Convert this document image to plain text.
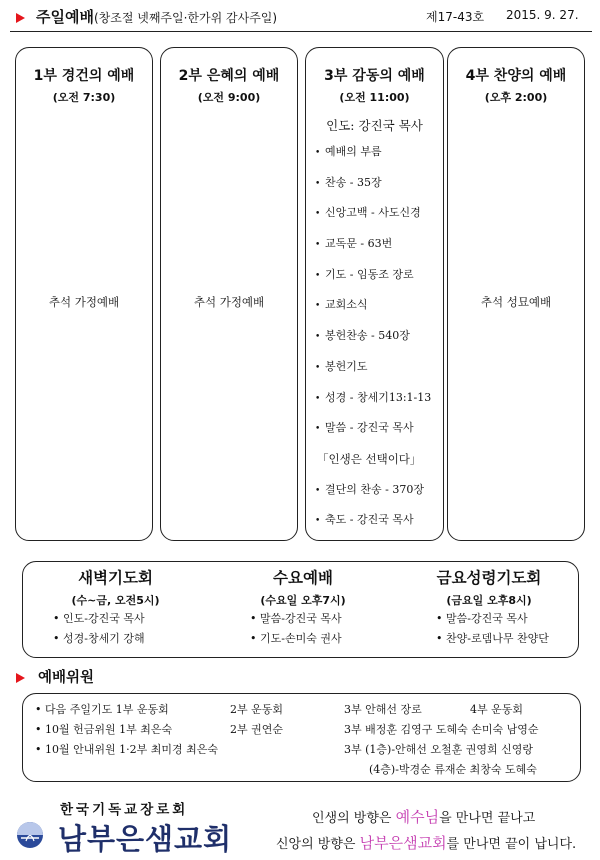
주일예배(창조절 넷째주일·한가위 감사주일)	제17-43호 2015. 9. 27.
1부 경건의 예배
(오전 7:30)
추석 가정예배
2부 은혜의 예배
(오전 9:00)
추석 가정예배
3부 감동의 예배
(오전 11:00)
인도: 강진국 목사
• 예배의 부름
• 찬송 - 35장
• 신앙고백 - 사도신경
• 교독문 - 63번
• 기도 - 임동조 장로
• 교회소식
• 봉헌찬송 - 540장
• 봉헌기도
• 성경 - 창세기13:1-13
• 말씀 - 강진국 목사
「인생은 선택이다」
• 결단의 찬송 - 370장
• 축도 - 강진국 목사
4부 찬양의 예배
(오후 2:00)
추석 성묘예배
새벽기도회
(수~금, 오전5시)
• 인도-강진국 목사
• 성경-창세기 강해
수요예배
(수요일 오후7시)
• 말씀-강진국 목사
• 기도-손미숙 권사
금요성령기도회
(금요일 오후8시)
• 말씀-강진국 목사
• 찬양-로뎀나무 찬양단
예배위원
• 다음 주일기도 1부 운동회	2부 운동회	3부 안해선 장로	4부 운동회
• 10월 헌금위원 1부 최은숙	2부 권연순	3부 배정훈 김영구 도혜숙 손미숙 남영순
• 10월 안내위원 1·2부 최미경 최은숙	3부 (1층)-안해선 오철훈 권영희 신영랑
(4층)-박경순 류재순 최창숙 도혜숙
한국기독교장로회
남부은샘교회
인생의 방향은 예수님을 만나면 끝나고
신앙의 방향은 남부은샘교회를 만나면 끝이 납니다.
